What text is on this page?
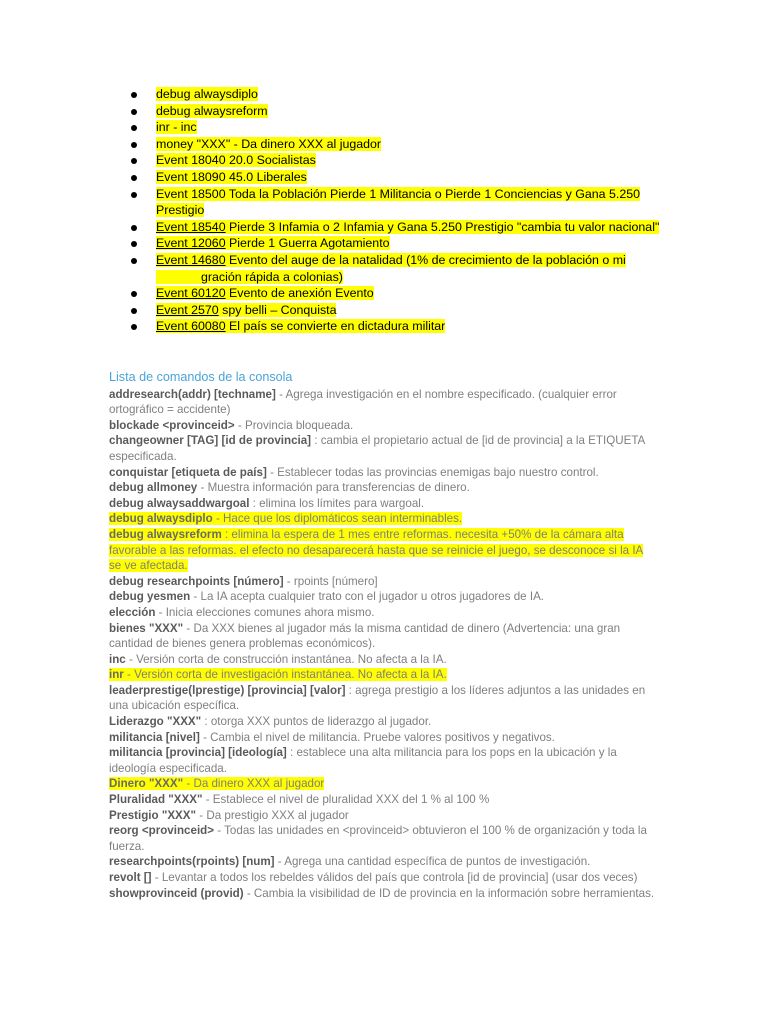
debug alwaysdiplo
debug alwaysreform
inr - inc
money "XXX" - Da dinero XXX al jugador
Event 18040 20.0 Socialistas
Event 18090 45.0 Liberales
Event 18500 Toda la Población Pierde 1 Militancia o Pierde 1 Conciencias y Gana 5.250 Prestigio
Event 18540 Pierde 3 Infamia o 2 Infamia y Gana 5.250 Prestigio "cambia tu valor nacional"
Event 12060 Pierde 1 Guerra Agotamiento
Event 14680 Evento del auge de la natalidad (1% de crecimiento de la población o mi
gración rápida a colonias)
Event 60120 Evento de anexión Evento
Event 2570 spy belli – Conquista
Event 60080 El país se convierte en dictadura militar
Lista de comandos de la consola

addresearch(addr) [techname] - Agrega investigación en el nombre especificado. (cualquier error ortográfico = accidente)

blockade <provinceid> - Provincia bloqueada.

changeowner [TAG] [id de provincia] : cambia el propietario actual de [id de provincia] a la ETIQUETA especificada.

conquistar [etiqueta de país] - Establecer todas las provincias enemigas bajo nuestro control.

debug allmoney - Muestra información para transferencias de dinero.

debug alwaysaddwargoal : elimina los límites para wargoal.

debug alwaysdiplo - Hace que los diplomáticos sean interminables.

debug alwaysreform : elimina la espera de 1 mes entre reformas. necesita +50% de la cámara alta favorable a las reformas. el efecto no desaparecerá hasta que se reinicie el juego, se desconoce si la IA se ve afectada.

debug researchpoints [número] - rpoints [número]

debug yesmen - La IA acepta cualquier trato con el jugador u otros jugadores de IA.

elección - Inicia elecciones comunes ahora mismo.

bienes "XXX" - Da XXX bienes al jugador más la misma cantidad de dinero (Advertencia: una gran cantidad de bienes genera problemas económicos).

inc - Versión corta de construcción instantánea. No afecta a la IA.

inr - Versión corta de investigación instantánea. No afecta a la IA.

leaderprestige(lprestige) [provincia] [valor] : agrega prestigio a los líderes adjuntos a las unidades en una ubicación específica.

Liderazgo "XXX" : otorga XXX puntos de liderazgo al jugador.

militancia [nivel] - Cambia el nivel de militancia. Pruebe valores positivos y negativos.

militancia [provincia] [ideología] : establece una alta militancia para los pops en la ubicación y la ideología especificada.

Dinero "XXX" - Da dinero XXX al jugador

Pluralidad "XXX" - Establece el nivel de pluralidad XXX del 1 % al 100 %

Prestigio "XXX" - Da prestigio XXX al jugador

reorg <provinceid> - Todas las unidades en <provinceid> obtuvieron el 100 % de organización y toda la fuerza.

researchpoints(rpoints) [num] - Agrega una cantidad específica de puntos de investigación.

revolt [] - Levantar a todos los rebeldes válidos del país que controla [id de provincia] (usar dos veces)

showprovinceid (provid) - Cambia la visibilidad de ID de provincia en la información sobre herramientas.
